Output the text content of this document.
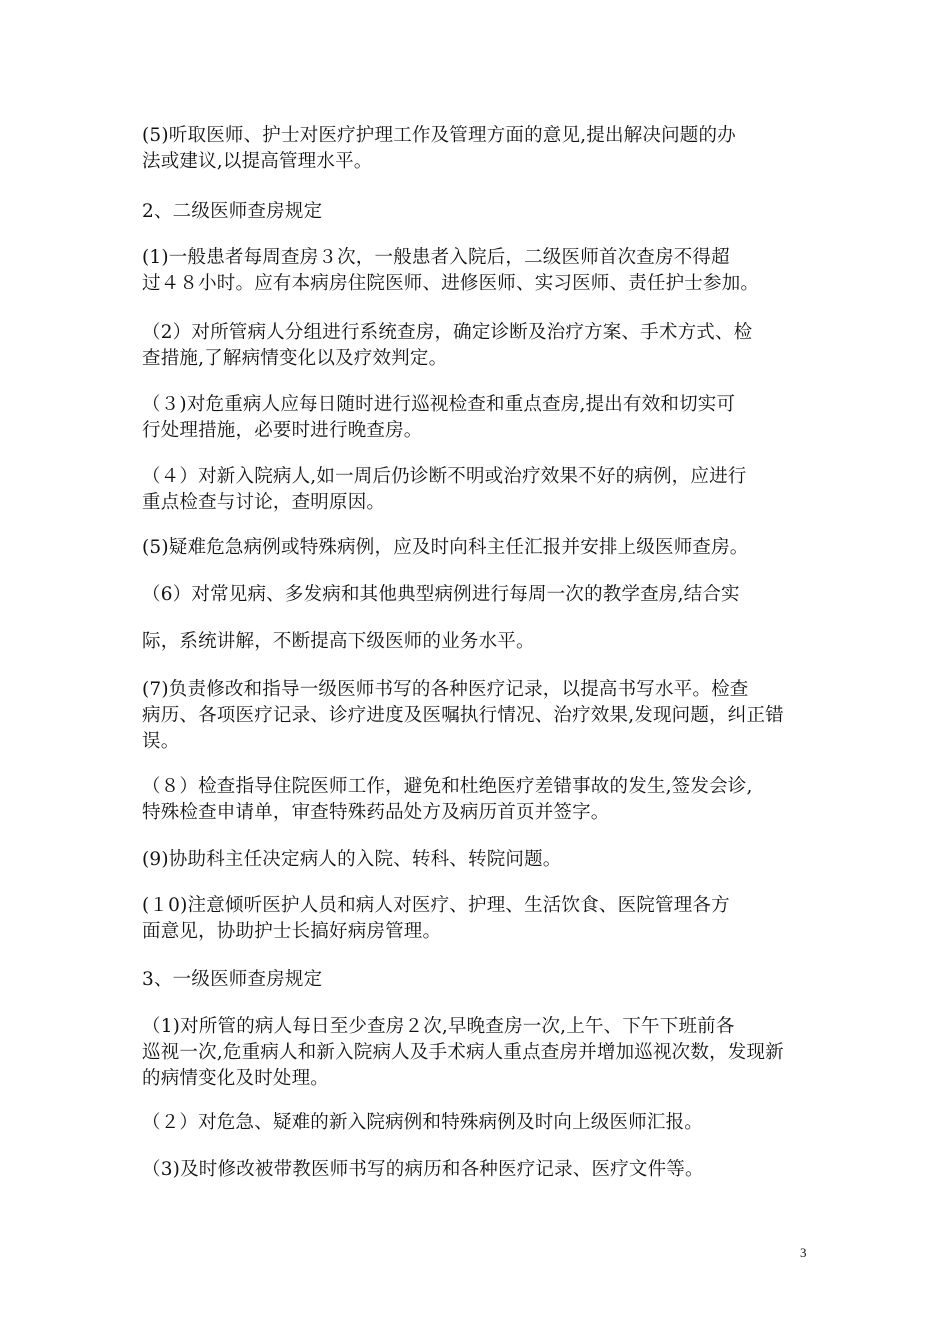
(5)听取医师、护士对医疗护理工作及管理方面的意见,提出解决问题的办
法或建议,以提高管理水平。
2、二级医师查房规定
(1)一般患者每周查房３次，一般患者入院后，二级医师首次查房不得超
过４８小时。应有本病房住院医师、进修医师、实习医师、责任护士参加。
（2）对所管病人分组进行系统查房，确定诊断及治疗方案、手术方式、检
查措施,了解病情变化以及疗效判定。
（３)对危重病人应每日随时进行巡视检查和重点查房,提出有效和切实可
行处理措施，必要时进行晚查房。
（４）对新入院病人,如一周后仍诊断不明或治疗效果不好的病例，应进行
重点检查与讨论，查明原因。
(5)疑难危急病例或特殊病例，应及时向科主任汇报并安排上级医师查房。
（6）对常见病、多发病和其他典型病例进行每周一次的教学查房,结合实
际，系统讲解，不断提高下级医师的业务水平。
(7)负责修改和指导一级医师书写的各种医疗记录，以提高书写水平。检查
病历、各项医疗记录、诊疗进度及医嘱执行情况、治疗效果,发现问题，纠正错
误。
（８）检查指导住院医师工作，避免和杜绝医疗差错事故的发生,签发会诊,
特殊检查申请单，审查特殊药品处方及病历首页并签字。
(9)协助科主任决定病人的入院、转科、转院问题。
(１0)注意倾听医护人员和病人对医疗、护理、生活饮食、医院管理各方
面意见，协助护士长搞好病房管理。
3、一级医师查房规定
（1)对所管的病人每日至少查房２次,早晚查房一次,上午、下午下班前各
巡视一次,危重病人和新入院病人及手术病人重点查房并增加巡视次数，发现新
的病情变化及时处理。
（２）对危急、疑难的新入院病例和特殊病例及时向上级医师汇报。
（3)及时修改被带教医师书写的病历和各种医疗记录、医疗文件等。
3
